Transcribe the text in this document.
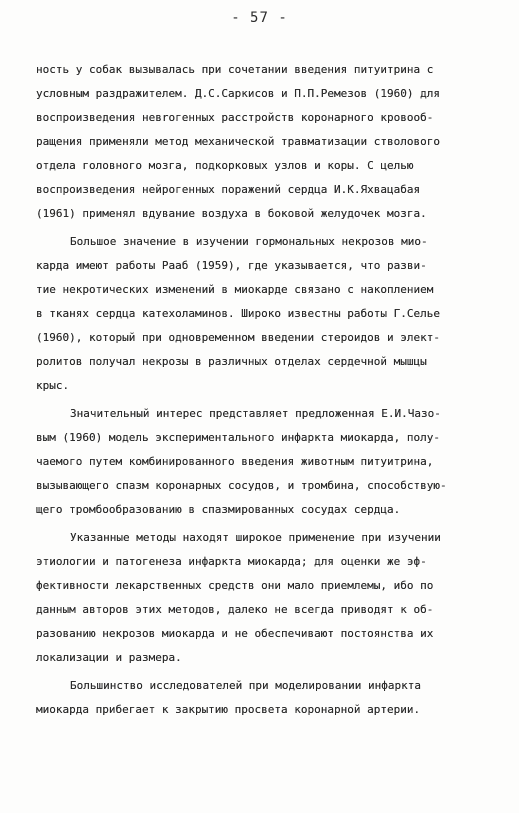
- 57 -
ность у собак вызывалась при сочетании введения питуитрина с
условным раздражителем. Д.С.Саркисов и П.П.Ремезов (1960) для
воспроизведения невrогенных расстройств коронарного кровооб-
ращения применяли метод механической травматизации стволового
отдела головного мозга, подкорковых узлов и коры. С целью
воспроизведения нейрогенных поражений сердца И.К.Яхвацабая
(1961) применял вдувание воздуха в боковой желудочек мозга.
Большое значение в изучении гормональных некрозов мио-
карда имеют работы Рааб (1959), где указывается, что разви-
тие некротических изменений в миокарде связано с накоплением
в тканях сердца катехоламинов. Широко известны работы Г.Селье
(1960), который при одновременном введении стероидов и элект-
ролитов получал некрозы в различных отделах сердечной мышцы
крыс.
Значительный интерес представляет предложенная Е.И.Чазо-
вым (1960) модель экспериментального инфаркта миокарда, полу-
чаемого путем комбинированного введения животным питуитрина,
вызывающего спазм коронарных сосудов, и тромбина, способствую-
щего тромбообразованию в спазмированных сосудах сердца.
Указанные методы находят широкое применение при изучении
этиологии и патогенеза инфаркта миокарда; для оценки же эф-
фективности лекарственных средств они мало приемлемы, ибо по
данным авторов этих методов, далеко не всегда приводят к об-
разованию некрозов миокарда и не обеспечивают постоянства их
локализации и размера.
Большинство исследователей при моделировании инфаркта
миокарда прибегает к закрытию просвета коронарной артерии.
